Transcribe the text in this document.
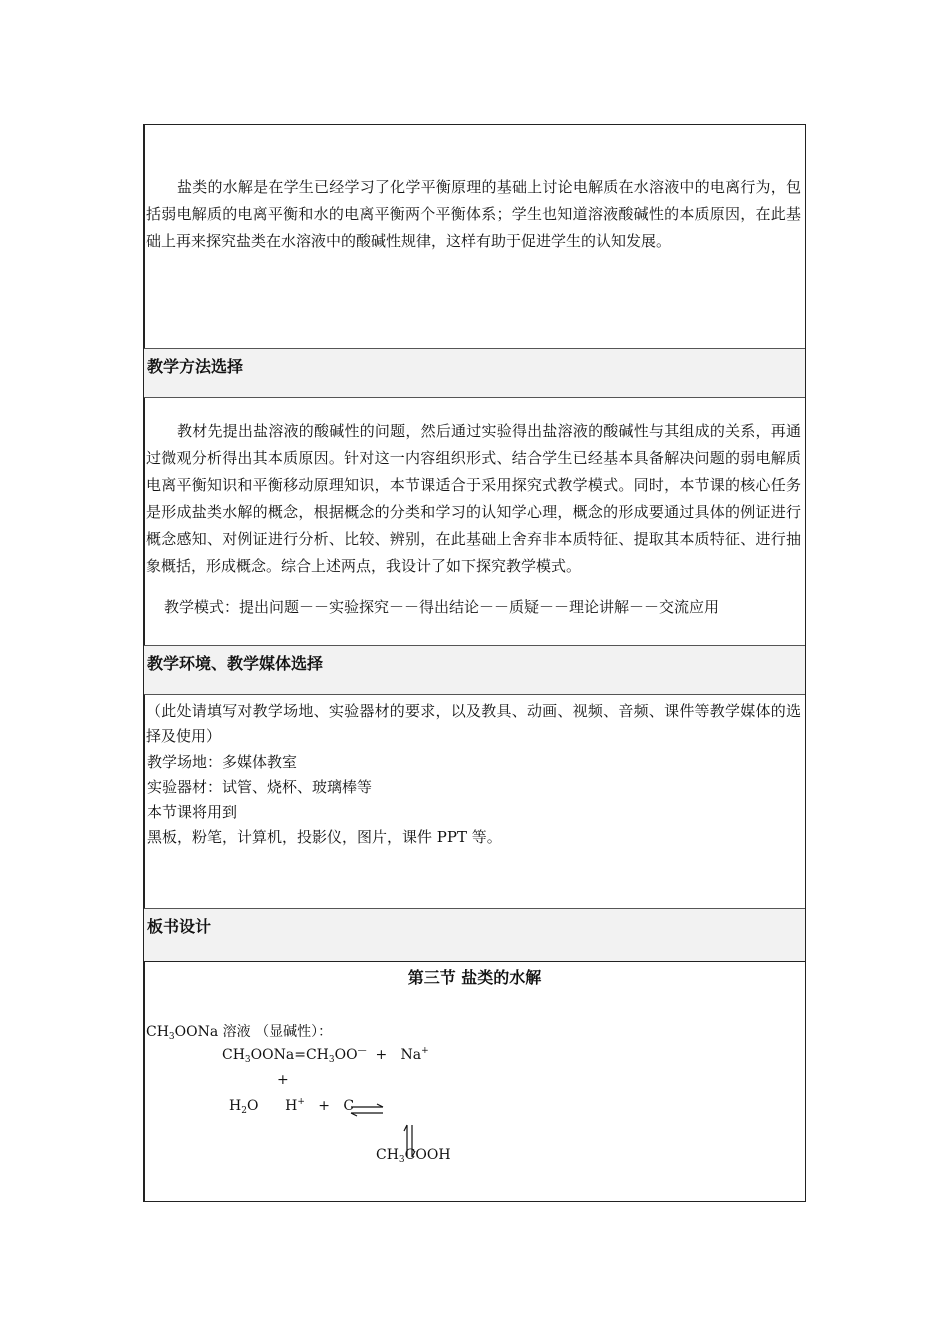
盐类的水解是在学生已经学习了化学平衡原理的基础上讨论电解质在水溶液中的电离行为，包括弱电解质的电离平衡和水的电离平衡两个平衡体系；学生也知道溶液酸碱性的本质原因，在此基础上再来探究盐类在水溶液中的酸碱性规律，这样有助于促进学生的认知发展。
教学方法选择
教材先提出盐溶液的酸碱性的问题，然后通过实验得出盐溶液的酸碱性与其组成的关系，再通过微观分析得出其本质原因。针对这一内容组织形式、结合学生已经基本具备解决问题的弱电解质电离平衡知识和平衡移动原理知识，本节课适合于采用探究式教学模式。同时，本节课的核心任务是形成盐类水解的概念，根据概念的分类和学习的认知学心理，概念的形成要通过具体的例证进行概念感知、对例证进行分析、比较、辨别，在此基础上舍弃非本质特征、提取其本质特征、进行抽象概括，形成概念。综合上述两点，我设计了如下探究教学模式。
教学模式：提出问题－－实验探究－－得出结论－－质疑－－理论讲解－－交流应用
教学环境、教学媒体选择
（此处请填写对教学场地、实验器材的要求，以及教具、动画、视频、音频、课件等教学媒体的选择及使用）
教学场地：多媒体教室
实验器材：试管、烧杯、玻璃棒等
本节课将用到
黑板，粉笔，计算机，投影仪，图片，课件 PPT 等。
板书设计
第三节 盐类的水解
$CH_3OONa$ 溶液 （显碱性）：
$CH_3OONa=CH_3OO^— + Na^+$
+
$H_2O$      H+   +   C
$CH_3COOH$
